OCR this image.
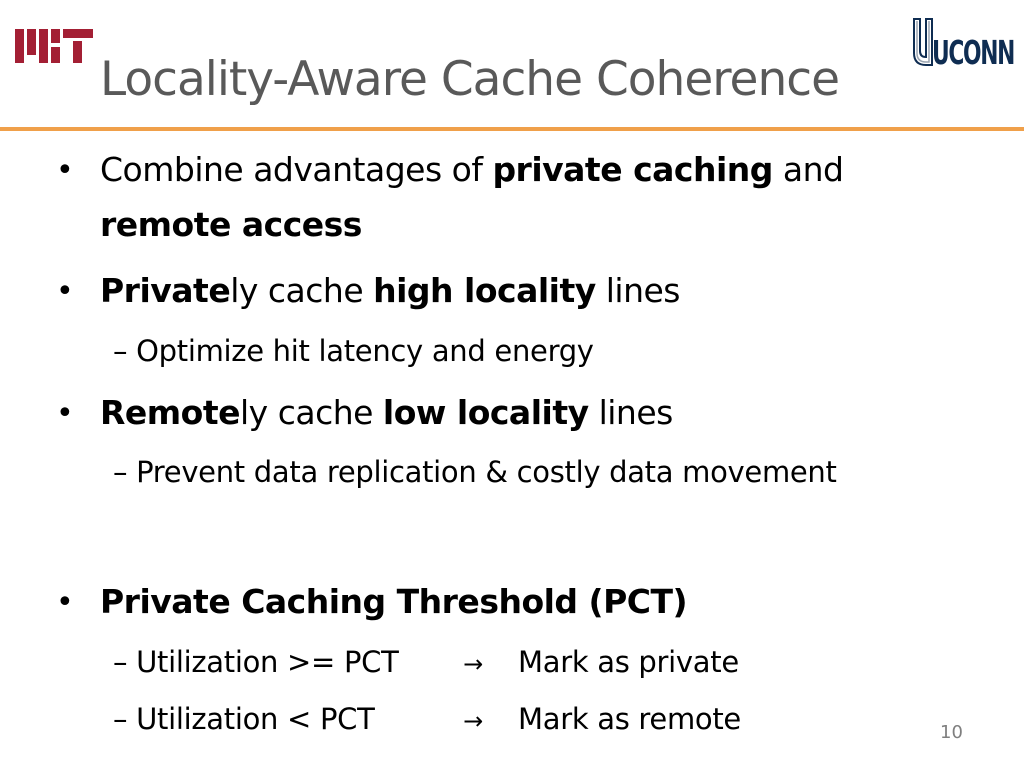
MIT
UCONN
Locality-Aware Cache Coherence
• Combine advantages of private caching and
remote access
• Privately cache high locality lines
– Optimize hit latency and energy
• Remotely cache low locality lines
– Prevent data replication & costly data movement
• Private Caching Threshold (PCT)
– Utilization >= PCT	→ Mark as private
– Utilization < PCT	→ Mark as remote	10
